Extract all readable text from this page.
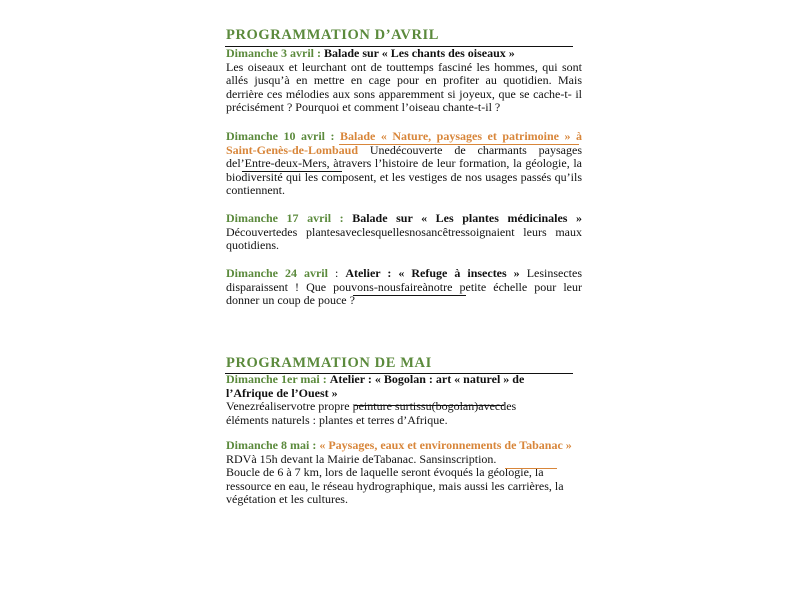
PROGRAMMATION D’AVRIL

Dimanche 3 avril : Balade sur « Les chants des oiseaux »
Les oiseaux et leurchant ont de touttemps fasciné les hommes, qui sont allés jusqu’à en mettre en cage pour en profiter au quotidien. Mais derrière ces mélodies aux sons apparemment si joyeux, que se cache-t- il précisément ? Pourquoi et comment l’oiseau chante-t-il ?

Dimanche 10 avril : Balade « Nature, paysages et patrimoine » à Saint-Genès-de-Lombaud Unedécouverte de charmants paysages del’Entre-deux-Mers, àtravers l’histoire de leur formation, la géologie, la biodiversité qui les composent, et les vestiges de nos usages passés qu’ils contiennent.

Dimanche 17 avril : Balade sur « Les plantes médicinales » Découvertedes plantesaveclesquellesnosancêtressoignaient leurs maux quotidiens.

Dimanche 24 avril : Atelier : « Refuge à insectes » Lesinsectes disparaissent ! Que pouvons-nousfaireànotre petite échelle pour leur donner un coup de pouce ?

PROGRAMMATION DE MAI

Dimanche 1er mai : Atelier : « Bogolan : art « naturel » de l’Afrique de l’Ouest »
Venezréaliservotre propre peinture surtissu(bogolan)avecdes
éléments naturels : plantes et terres d’Afrique.

Dimanche 8 mai : « Paysages, eaux et environnements de Tabanac »
RDVà 15h devant la Mairie deTabanac. Sansinscription.
Boucle de 6 à 7 km, lors de laquelle seront évoqués la géologie, la
ressource en eau, le réseau hydrographique, mais aussi les carrières, la
végétation et les cultures.
